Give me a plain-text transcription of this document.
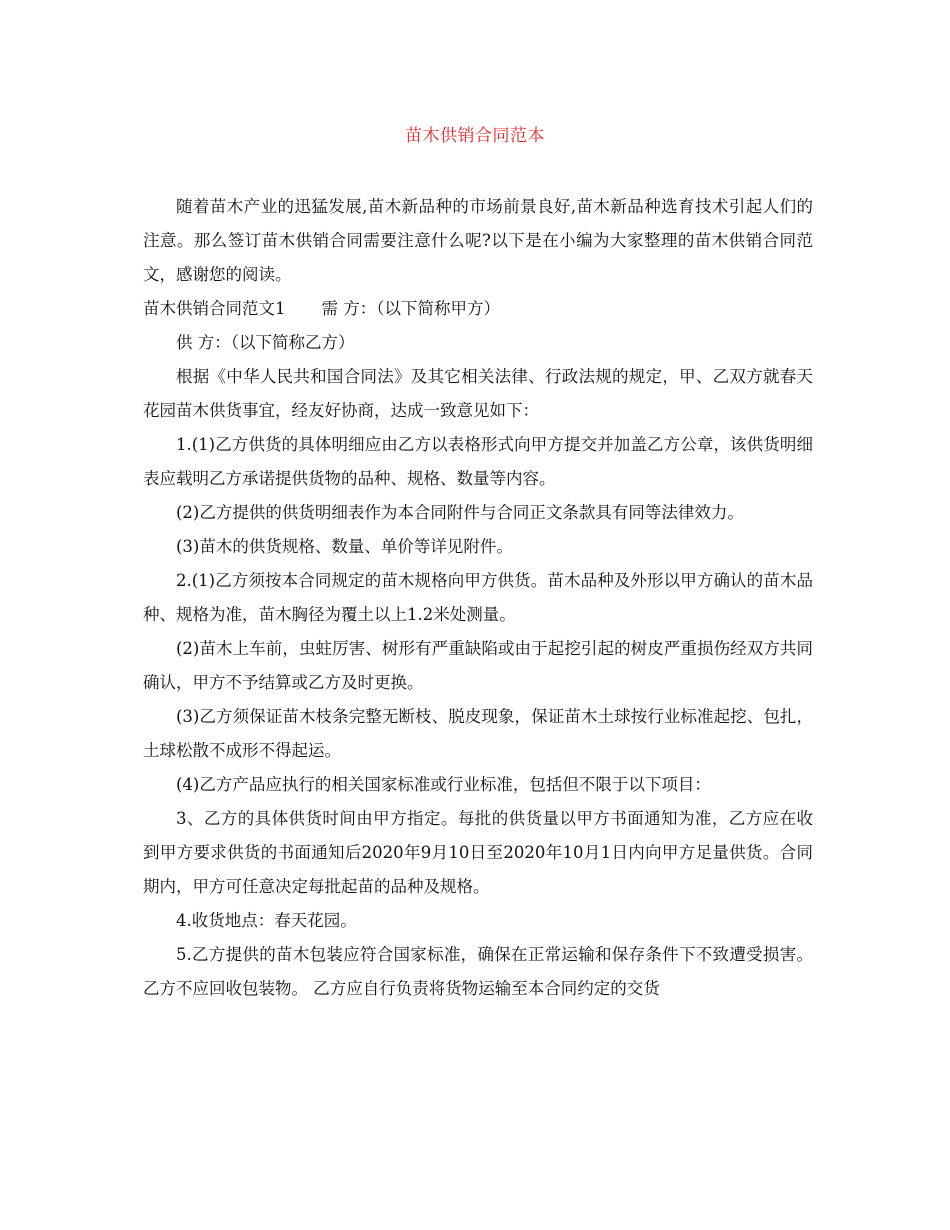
苗木供销合同范本

随着苗木产业的迅猛发展,苗木新品种的市场前景良好,苗木新品种选育技术引起人们的注意。那么签订苗木供销合同需要注意什么呢?以下是在小编为大家整理的苗木供销合同范文，感谢您的阅读。

苗木供销合同范文1 需 方：（以下简称甲方）

供 方：（以下简称乙方）

根据《中华人民共和国合同法》及其它相关法律、行政法规的规定，甲、乙双方就春天花园苗木供货事宜，经友好协商，达成一致意见如下：

1.(1)乙方供货的具体明细应由乙方以表格形式向甲方提交并加盖乙方公章，该供货明细表应载明乙方承诺提供货物的品种、规格、数量等内容。

(2)乙方提供的供货明细表作为本合同附件与合同正文条款具有同等法律效力。

(3)苗木的供货规格、数量、单价等详见附件。

2.(1)乙方须按本合同规定的苗木规格向甲方供货。苗木品种及外形以甲方确认的苗木品种、规格为准，苗木胸径为覆土以上1.2米处测量。

(2)苗木上车前，虫蛀厉害、树形有严重缺陷或由于起挖引起的树皮严重损伤经双方共同确认，甲方不予结算或乙方及时更换。

(3)乙方须保证苗木枝条完整无断枝、脱皮现象，保证苗木土球按行业标准起挖、包扎，土球松散不成形不得起运。

(4)乙方产品应执行的相关国家标准或行业标准，包括但不限于以下项目：

3、乙方的具体供货时间由甲方指定。每批的供货量以甲方书面通知为准，乙方应在收到甲方要求供货的书面通知后2020年9月10日至2020年10月1日内向甲方足量供货。合同期内，甲方可任意决定每批起苗的品种及规格。

4.收货地点：春天花园。

5.乙方提供的苗木包装应符合国家标准，确保在正常运输和保存条件下不致遭受损害。乙方不应回收包装物。 乙方应自行负责将货物运输至本合同约定的交货
